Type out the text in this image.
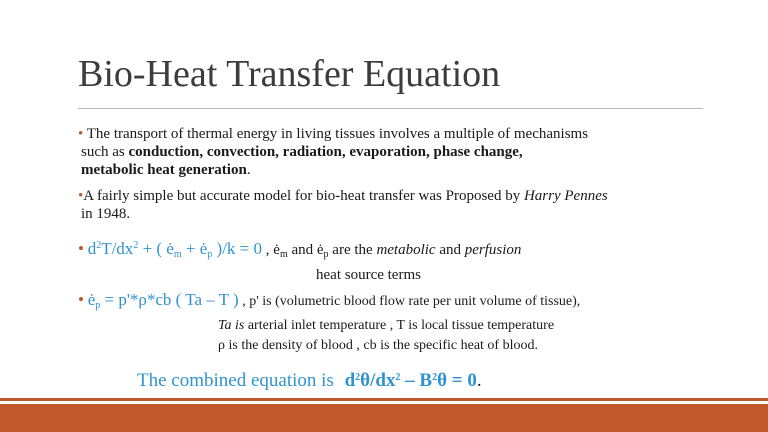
Bio-Heat Transfer Equation
• The transport of thermal energy in living tissues involves a multiple of mechanisms
such as conduction, convection, radiation, evaporation, phase change,
metabolic heat generation.
•A fairly simple but accurate model for bio-heat transfer was Proposed by Harry Pennes
in 1948.
• $d^2T/dx^2$ + ( $ė_m$ + $ė_p$ )/k = 0 , $ė_m$ and $ė_p$ are the metabolic and perfusion
heat source terms
• $ė_p = p'*\rho*cb$ ( Ta – T ) , p' is (volumetric blood flow rate per unit volume of tissue),
Ta is arterial inlet temperature , T is local tissue temperature
ρ is the density of blood , cb is the specific heat of blood.
The combined equation is $d^2\theta/dx^2 - B^2\theta = 0$.
